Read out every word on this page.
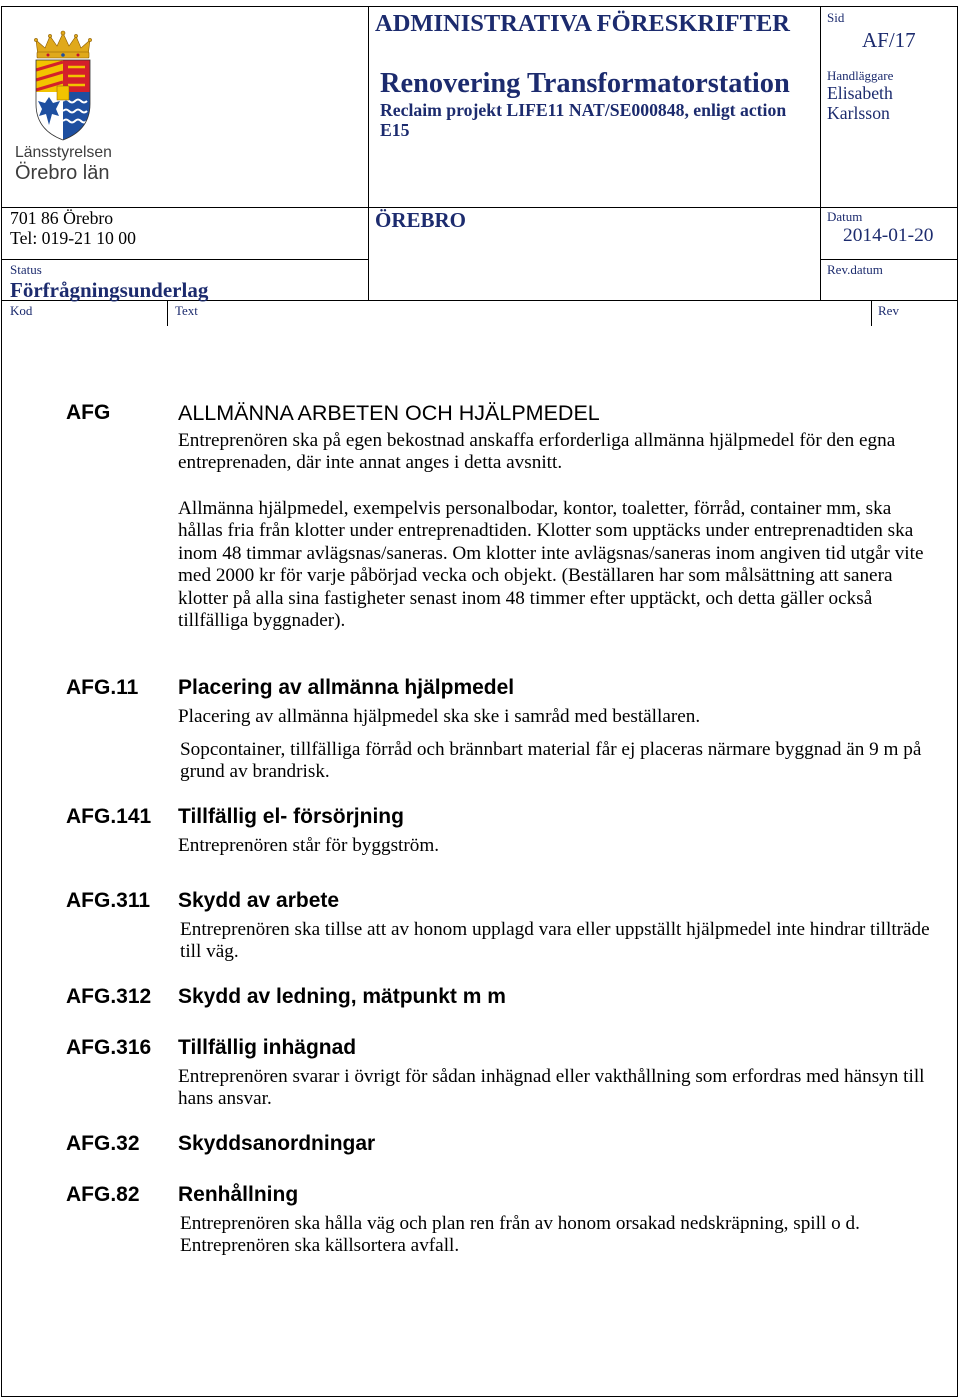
Länsstyrelsen
Örebro län
ADMINISTRATIVA FÖRESKRIFTER
Renovering Transformatorstation
Reclaim projekt LIFE11 NAT/SE000848, enligt action E15
ÖREBRO
Sid
AF/17
Handläggare
Elisabeth Karlsson
Datum
2014-01-20
Rev.datum
701 86 Örebro
Tel: 019-21 10 00
Status
Förfrågningsunderlag
Kod	Text	Rev
AFG	ALLMÄNNA ARBETEN OCH HJÄLPMEDEL
Entreprenören ska på egen bekostnad anskaffa erforderliga allmänna hjälpmedel för den egna
entreprenaden, där inte annat anges i detta avsnitt.
Allmänna hjälpmedel, exempelvis personalbodar, kontor, toaletter, förråd, container mm, ska
hållas fria från klotter under entreprenadtiden. Klotter som upptäcks under entreprenadtiden ska
inom 48 timmar avlägsnas/saneras. Om klotter inte avlägsnas/saneras inom angiven tid utgår vite
med 2000 kr för varje påbörjad vecka och objekt. (Beställaren har som målsättning att sanera
klotter på alla sina fastigheter senast inom 48 timmer efter upptäckt, och detta gäller också
tillfälliga byggnader).
AFG.11 Placering av allmänna hjälpmedel
Placering av allmänna hjälpmedel ska ske i samråd med beställaren.
Sopcontainer, tillfälliga förråd och brännbart material får ej placeras närmare byggnad än 9 m på
grund av brandrisk.
AFG.141 Tillfällig el- försörjning
Entreprenören står för byggström.
AFG.311 Skydd av arbete
Entreprenören ska tillse att av honom upplagd vara eller uppställt hjälpmedel inte hindrar tillträde
till väg.
AFG.312 Skydd av ledning, mätpunkt m m
AFG.316 Tillfällig inhägnad
Entreprenören svarar i övrigt för sådan inhägnad eller vakthållning som erfordras med hänsyn till
hans ansvar.
AFG.32 Skyddsanordningar
AFG.82 Renhållning
Entreprenören ska hålla väg och plan ren från av honom orsakad nedskräpning, spill o d.
Entreprenören ska källsortera avfall.
